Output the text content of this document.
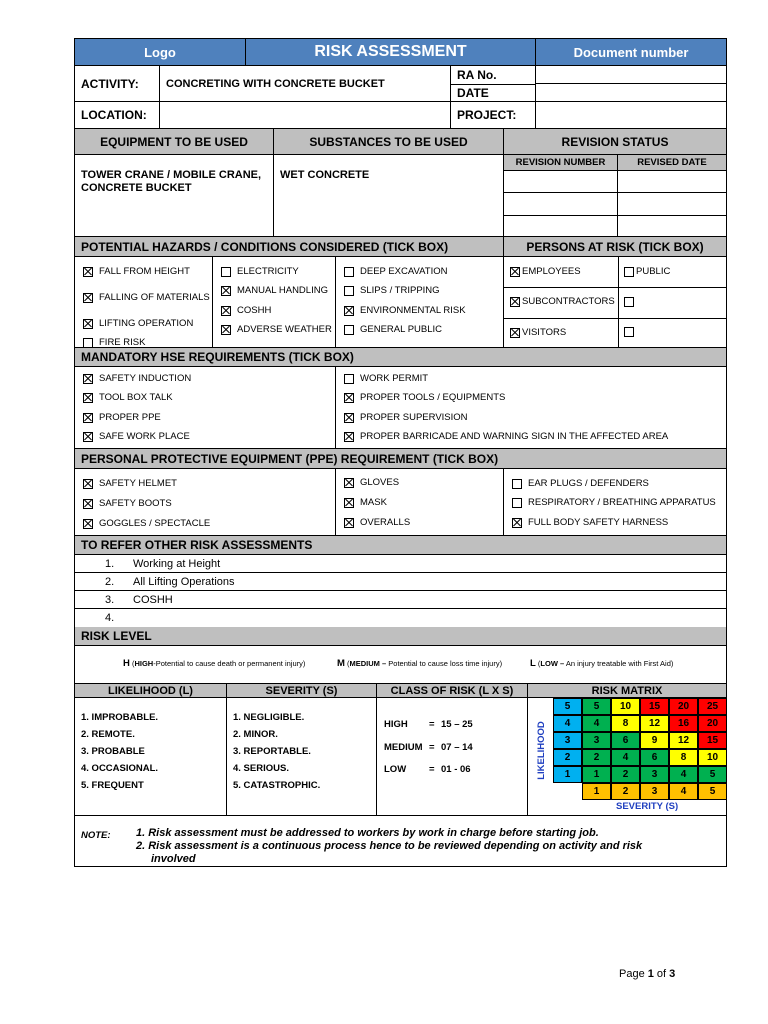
Logo	RISK ASSESSMENT	Document number
ACTIVITY:	CONCRETING WITH CONCRETE BUCKET
RA No.
DATE
LOCATION:	PROJECT:
EQUIPMENT TO BE USED	SUBSTANCES TO BE USED	REVISION STATUS
TOWER CRANE / MOBILE CRANE, CONCRETE BUCKET
WET CONCRETE
REVISION NUMBER	REVISED DATE
POTENTIAL HAZARDS / CONDITIONS CONSIDERED (TICK BOX)	PERSONS AT RISK (TICK BOX)
FALL FROM HEIGHT
FALLING OF MATERIALS
LIFTING OPERATION
FIRE RISK
ELECTRICITY
MANUAL HANDLING
COSHH
ADVERSE WEATHER
DEEP EXCAVATION
SLIPS / TRIPPING
ENVIRONMENTAL RISK
GENERAL PUBLIC
EMPLOYEES	PUBLIC
SUBCONTRACTORS
VISITORS
MANDATORY HSE REQUIREMENTS (TICK BOX)
SAFETY INDUCTION
TOOL BOX TALK
PROPER PPE
SAFE WORK PLACE
WORK PERMIT
PROPER TOOLS / EQUIPMENTS
PROPER SUPERVISION
PROPER BARRICADE AND WARNING SIGN IN THE AFFECTED AREA
PERSONAL PROTECTIVE EQUIPMENT (PPE) REQUIREMENT (TICK BOX)
SAFETY HELMET
SAFETY BOOTS
GOGGLES / SPECTACLE
GLOVES
MASK
OVERALLS
EAR PLUGS / DEFENDERS
RESPIRATORY / BREATHING APPARATUS
FULL BODY SAFETY HARNESS
TO REFER OTHER RISK ASSESSMENTS
1.	Working at Height
2.	All Lifting Operations
3.	COSHH
4.
RISK LEVEL
H (HIGH-Potential to cause death or permanent injury)	M (MEDIUM – Potential to cause loss time injury)	L (LOW – An injury treatable with First Aid)
LIKELIHOOD (L)	SEVERITY (S)	CLASS OF RISK (L X S)	RISK MATRIX
1. IMPROBABLE.
2. REMOTE.
3. PROBABLE
4. OCCASIONAL.
5. FREQUENT
1. NEGLIGIBLE.
2. MINOR.
3. REPORTABLE.
4. SERIOUS.
5. CATASTROPHIC.
HIGH = 15 – 25
MEDIUM = 07 – 14
LOW = 01 - 06	LIKELIHOOD
SEVERITY (S)
5	5	10	15	20	25
4	4	8	12	16	20
3	3	6	9	12	15
2	2	4	6	8	10
1	1	2	3	4	5
1	2	3	4	5
NOTE: 1. Risk assessment must be addressed to workers by work in charge before starting job.
2. Risk assessment is a continuous process hence to be reviewed depending on activity and risk
involved
Page 1 of 3
